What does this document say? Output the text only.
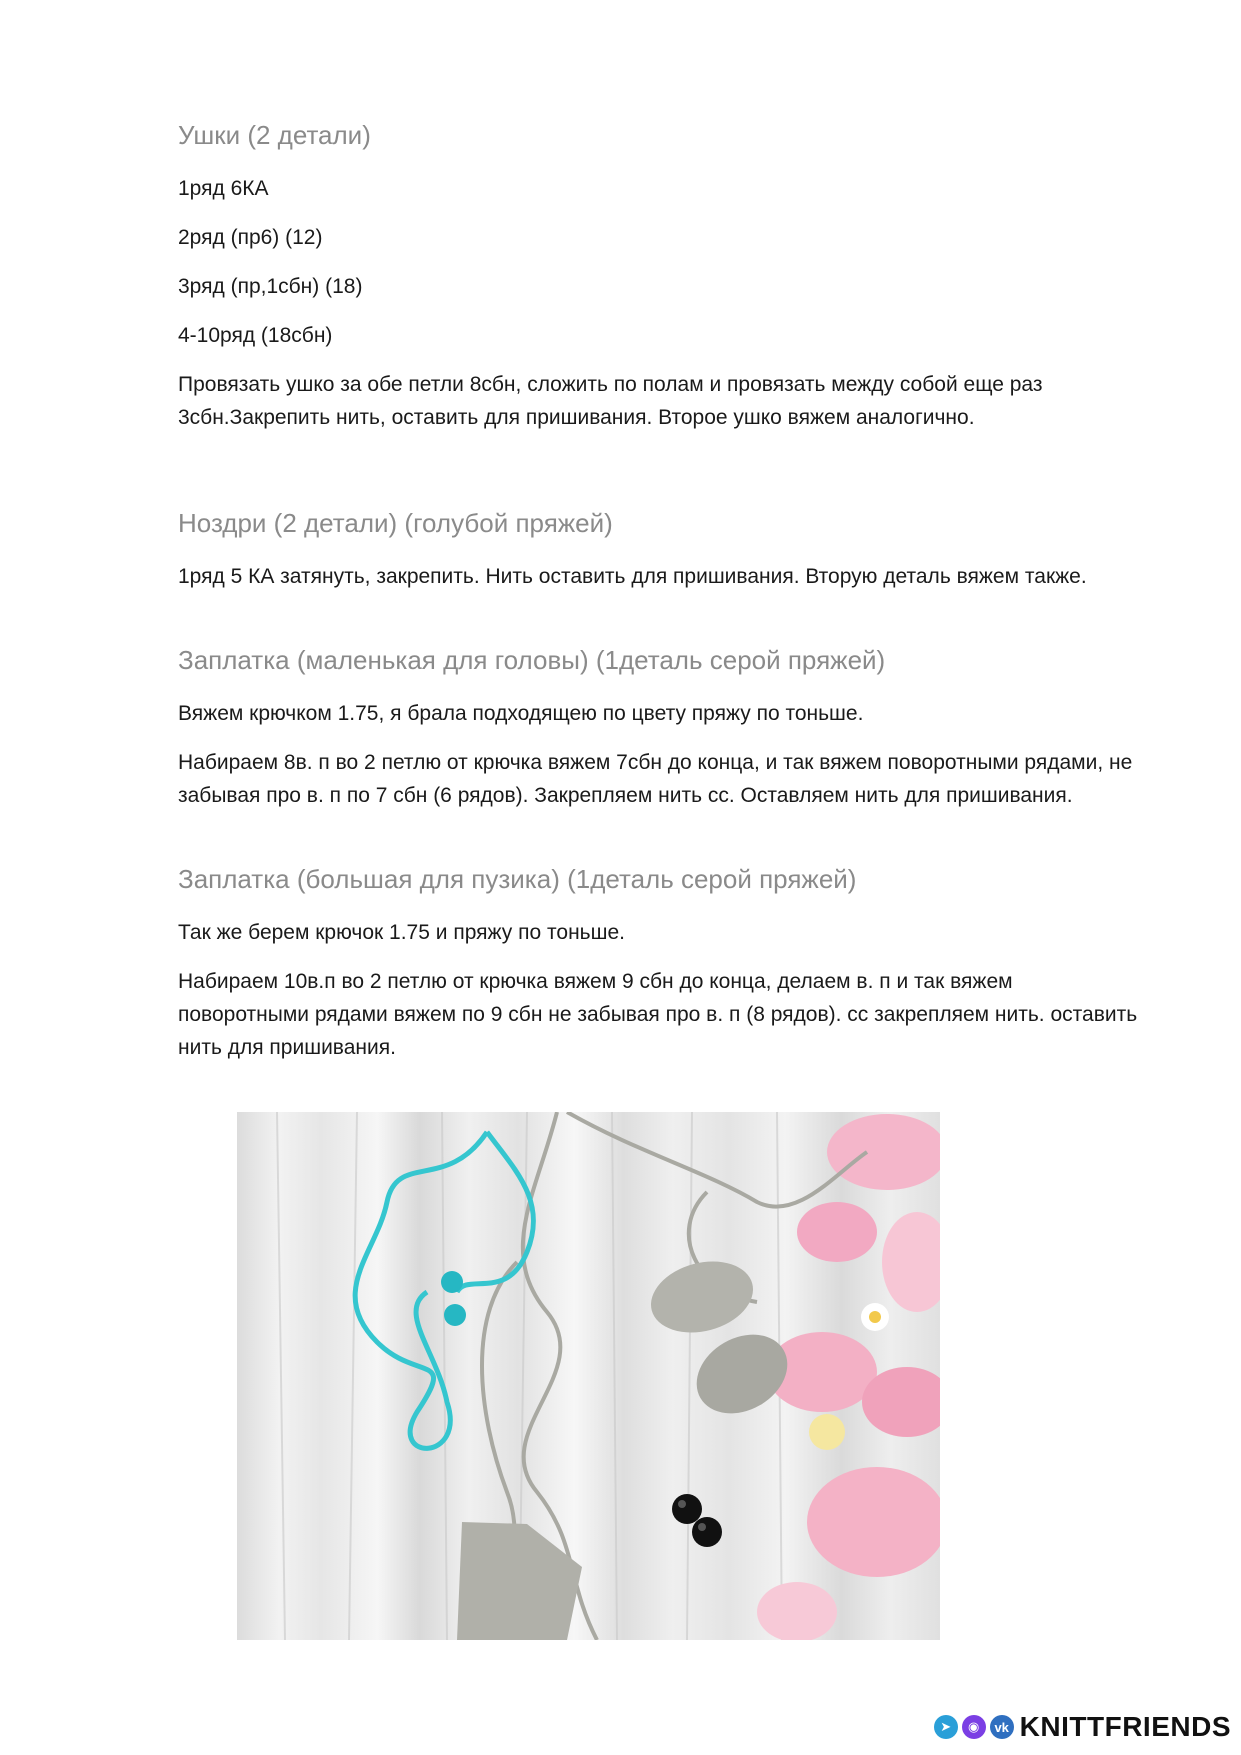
Ушки (2 детали)
1ряд 6КА
2ряд (пр6) (12)
3ряд (пр,1сбн) (18)
4-10ряд (18сбн)
Провязать ушко за обе петли 8сбн, сложить по полам и провязать между собой еще раз 3сбн.Закрепить нить, оставить для пришивания. Второе ушко вяжем аналогично.
Ноздри (2 детали) (голубой пряжей)
1ряд 5 КА затянуть, закрепить. Нить оставить для пришивания. Вторую деталь вяжем также.
Заплатка (маленькая для головы) (1деталь серой пряжей)
Вяжем крючком 1.75, я брала подходящею по цвету пряжу по тоньше.
Набираем 8в. п во 2 петлю от крючка вяжем 7сбн до конца, и так вяжем поворотными рядами, не забывая про в. п по 7 сбн (6 рядов). Закрепляем нить сс. Оставляем нить для пришивания.
Заплатка (большая для пузика) (1деталь серой пряжей)
Так же берем крючок 1.75 и пряжу по тоньше.
Набираем 10в.п во 2 петлю от крючка вяжем 9 сбн до конца, делаем в. п и так вяжем поворотными рядами вяжем по 9 сбн не забывая про в. п (8 рядов). сс закрепляем нить. оставить нить для пришивания.
➤	◉	vk KNITTFRIENDS
